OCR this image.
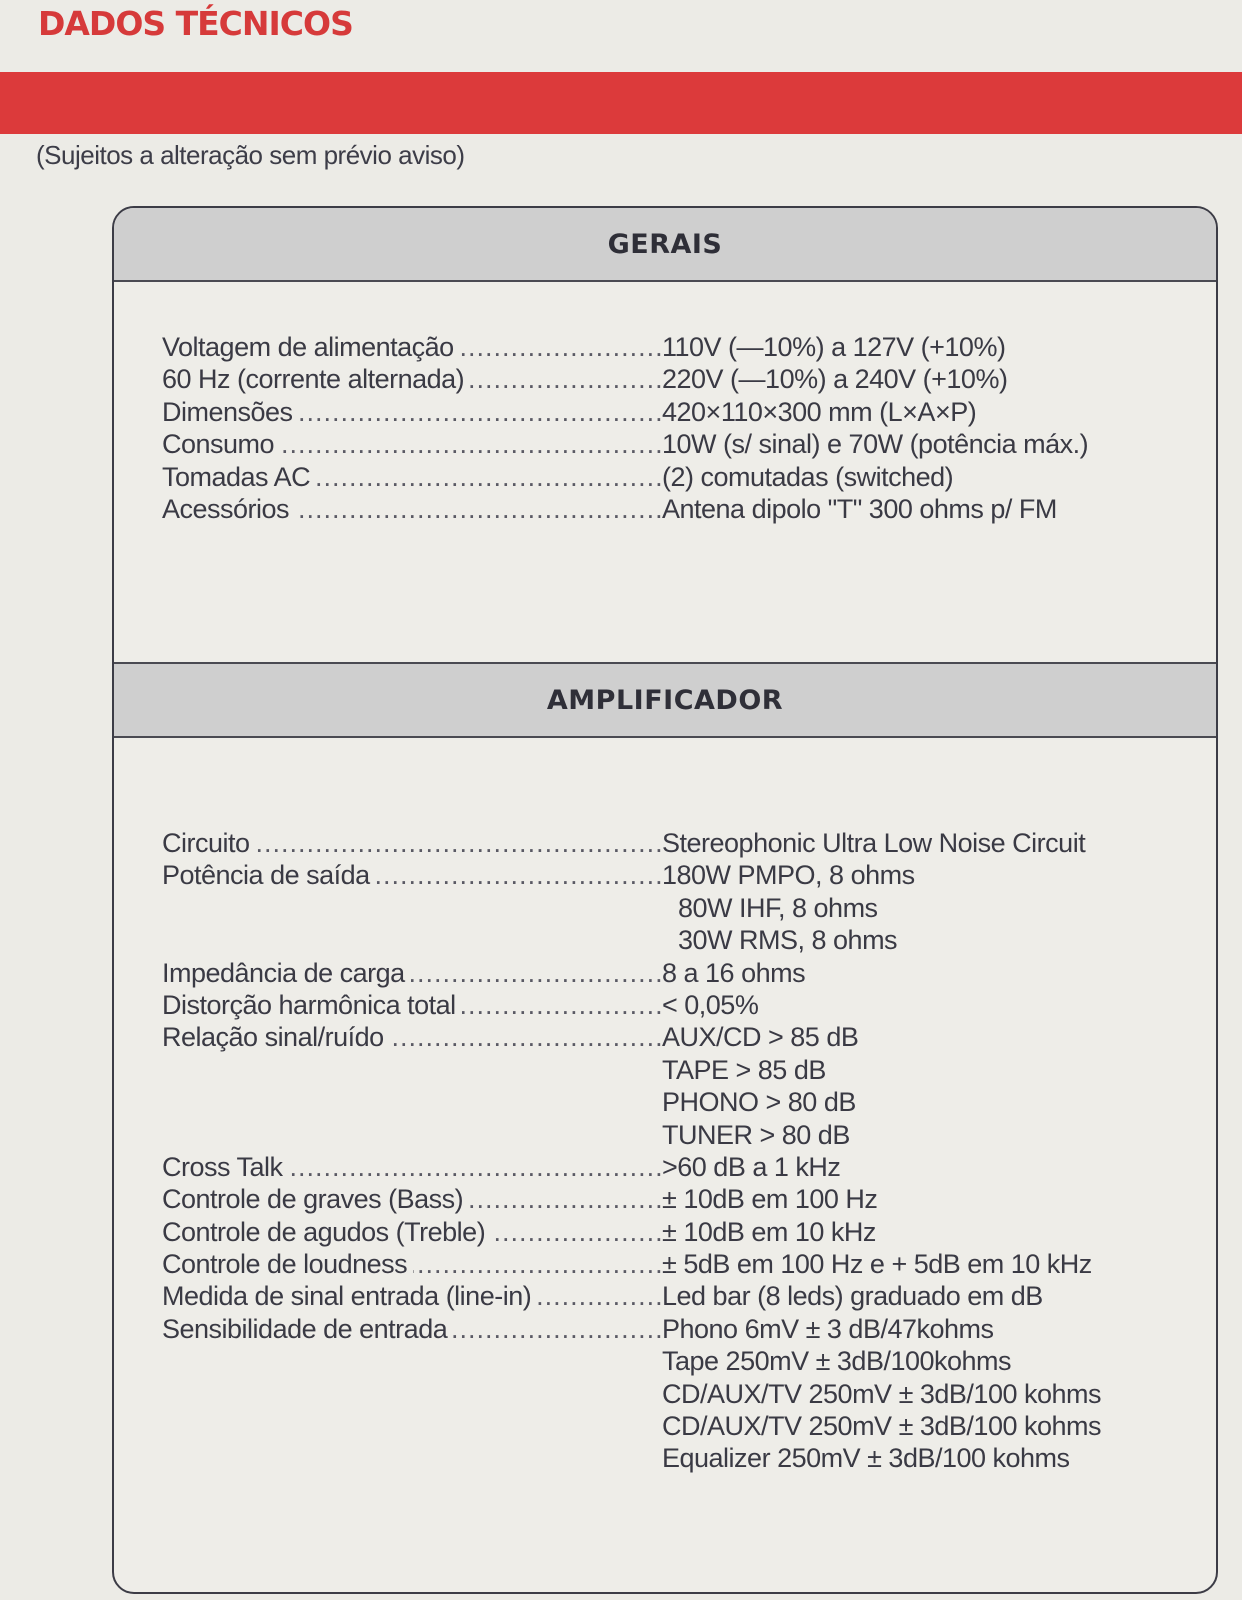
DADOS TÉCNICOS
(Sujeitos a alteração sem prévio aviso)
GERAIS
Voltagem de alimentação .....	110V (—10%) a 127V (+10%)
60 Hz (corrente alternada) .....	220V (—10%) a 240V (+10%)
Dimensões .....	420×110×300 mm (L×A×P)
Consumo .....	10W (s/ sinal) e 70W (potência máx.)
Tomadas AC .....	(2) comutadas (switched)
Acessórios .....	Antena dipolo "T" 300 ohms p/ FM
AMPLIFICADOR
Circuito .....	Stereophonic Ultra Low Noise Circuit
Potência de saída .....	180W PMPO, 8 ohms
80W IHF, 8 ohms
30W RMS, 8 ohms
Impedância de carga .....	8 a 16 ohms
Distorção harmônica total .....	< 0,05%
Relação sinal/ruído .....	AUX/CD > 85 dB
TAPE > 85 dB
PHONO > 80 dB
TUNER > 80 dB
Cross Talk .....	>60 dB a 1 kHz
Controle de graves (Bass) .....	± 10dB em 100 Hz
Controle de agudos (Treble) .....	± 10dB em 10 kHz
Controle de loudness .....	± 5dB em 100 Hz e + 5dB em 10 kHz
Medida de sinal entrada (line-in) .....	Led bar (8 leds) graduado em dB
Sensibilidade de entrada .....	Phono 6mV ± 3 dB/47kohms
Tape 250mV ± 3dB/100kohms
CD/AUX/TV 250mV ± 3dB/100 kohms
CD/AUX/TV 250mV ± 3dB/100 kohms
Equalizer 250mV ± 3dB/100 kohms
